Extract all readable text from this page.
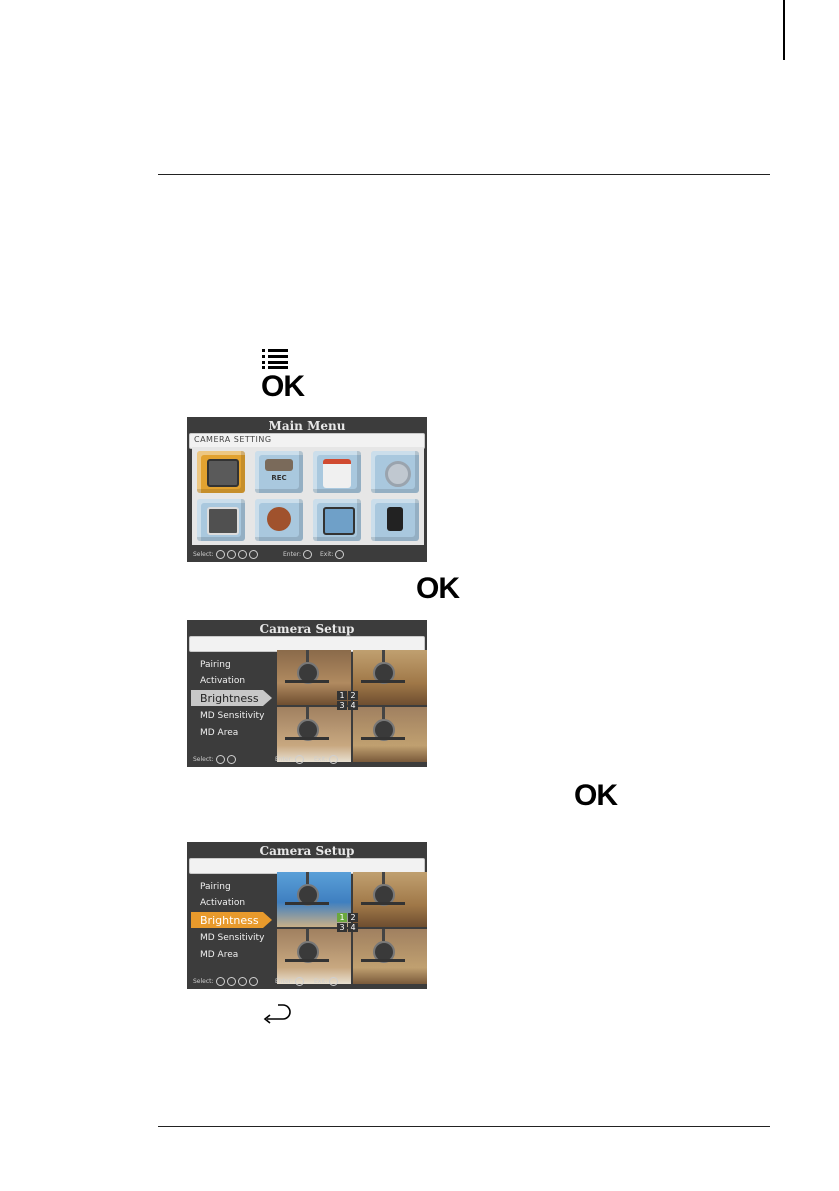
OK
Main Menu
CAMERA SETTING
REC
Select:	Enter:	Exit:
OK
Camera Setup
Pairing
Activation
Brightness
MD Sensitivity
MD Area
1 2
3 4
Select:	Enter:	Exit:
OK
Camera Setup
Pairing
Activation
Brightness
MD Sensitivity
MD Area
1 2
3 4
Select:	Enter:	Exit:
